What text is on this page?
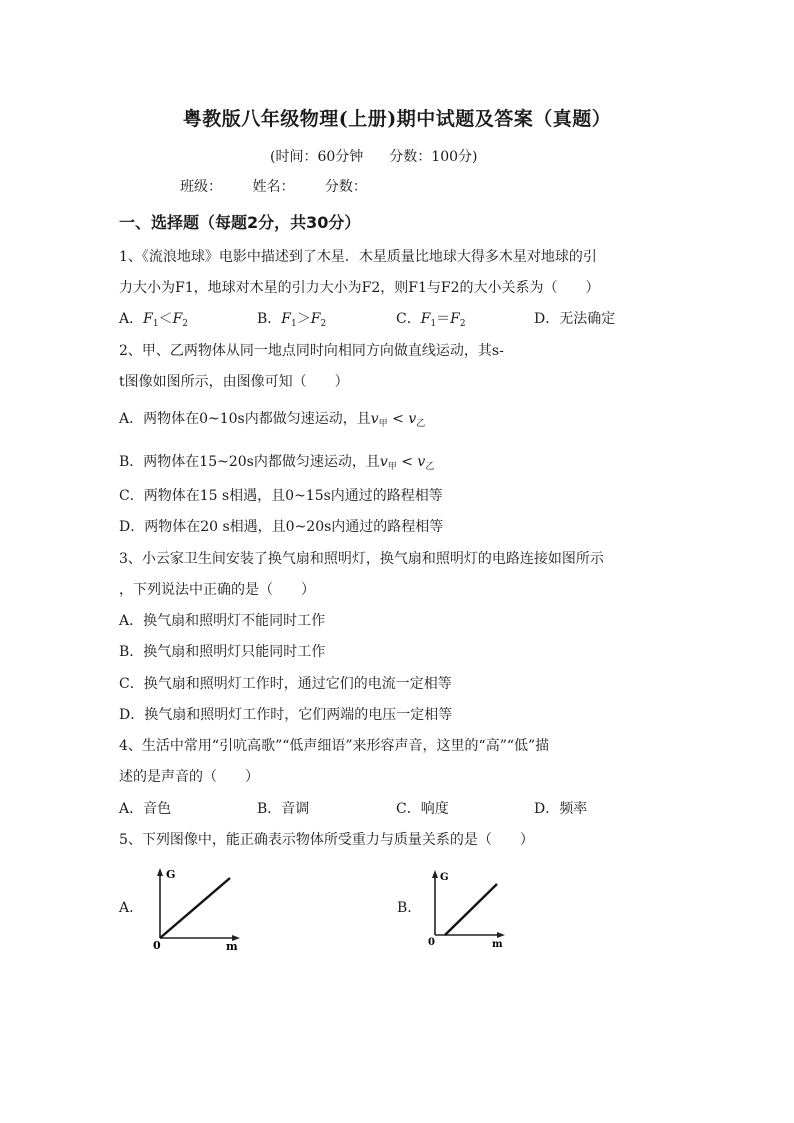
粤教版八年级物理(上册)期中试题及答案（真题）
(时间：60分钟 分数：100分)
班级： 姓名： 分数：
一、选择题（每题2分，共30分）
1、《流浪地球》电影中描述到了木星．木星质量比地球大得多木星对地球的引
力大小为F1，地球对木星的引力大小为F2，则F1与F2的大小关系为（　　）
A．$F_1<F_2$	B．$F_1>F_2$	C．$F_1=F_2$	D．无法确定
2、甲、乙两物体从同一地点同时向相同方向做直线运动，其s-
t图像如图所示，由图像可知（　　）
A．两物体在0~10s内都做匀速运动，且$v_甲 < v_乙$
B．两物体在15~20s内都做匀速运动，且$v_甲 < v_乙$
C．两物体在15 s相遇，且0~15s内通过的路程相等
D．两物体在20 s相遇，且0~20s内通过的路程相等
3、小云家卫生间安装了换气扇和照明灯，换气扇和照明灯的电路连接如图所示
，下列说法中正确的是（　　）
A．换气扇和照明灯不能同时工作
B．换气扇和照明灯只能同时工作
C．换气扇和照明灯工作时，通过它们的电流一定相等
D．换气扇和照明灯工作时，它们两端的电压一定相等
4、生活中常用“引吭高歌”“低声细语”来形容声音，这里的“高”“低”描
述的是声音的（　　）
A．音色	B．音调	C．响度	D．频率
5、下列图像中，能正确表示物体所受重力与质量关系的是（　　）
A.
G
m
0
B.
G
m
0
